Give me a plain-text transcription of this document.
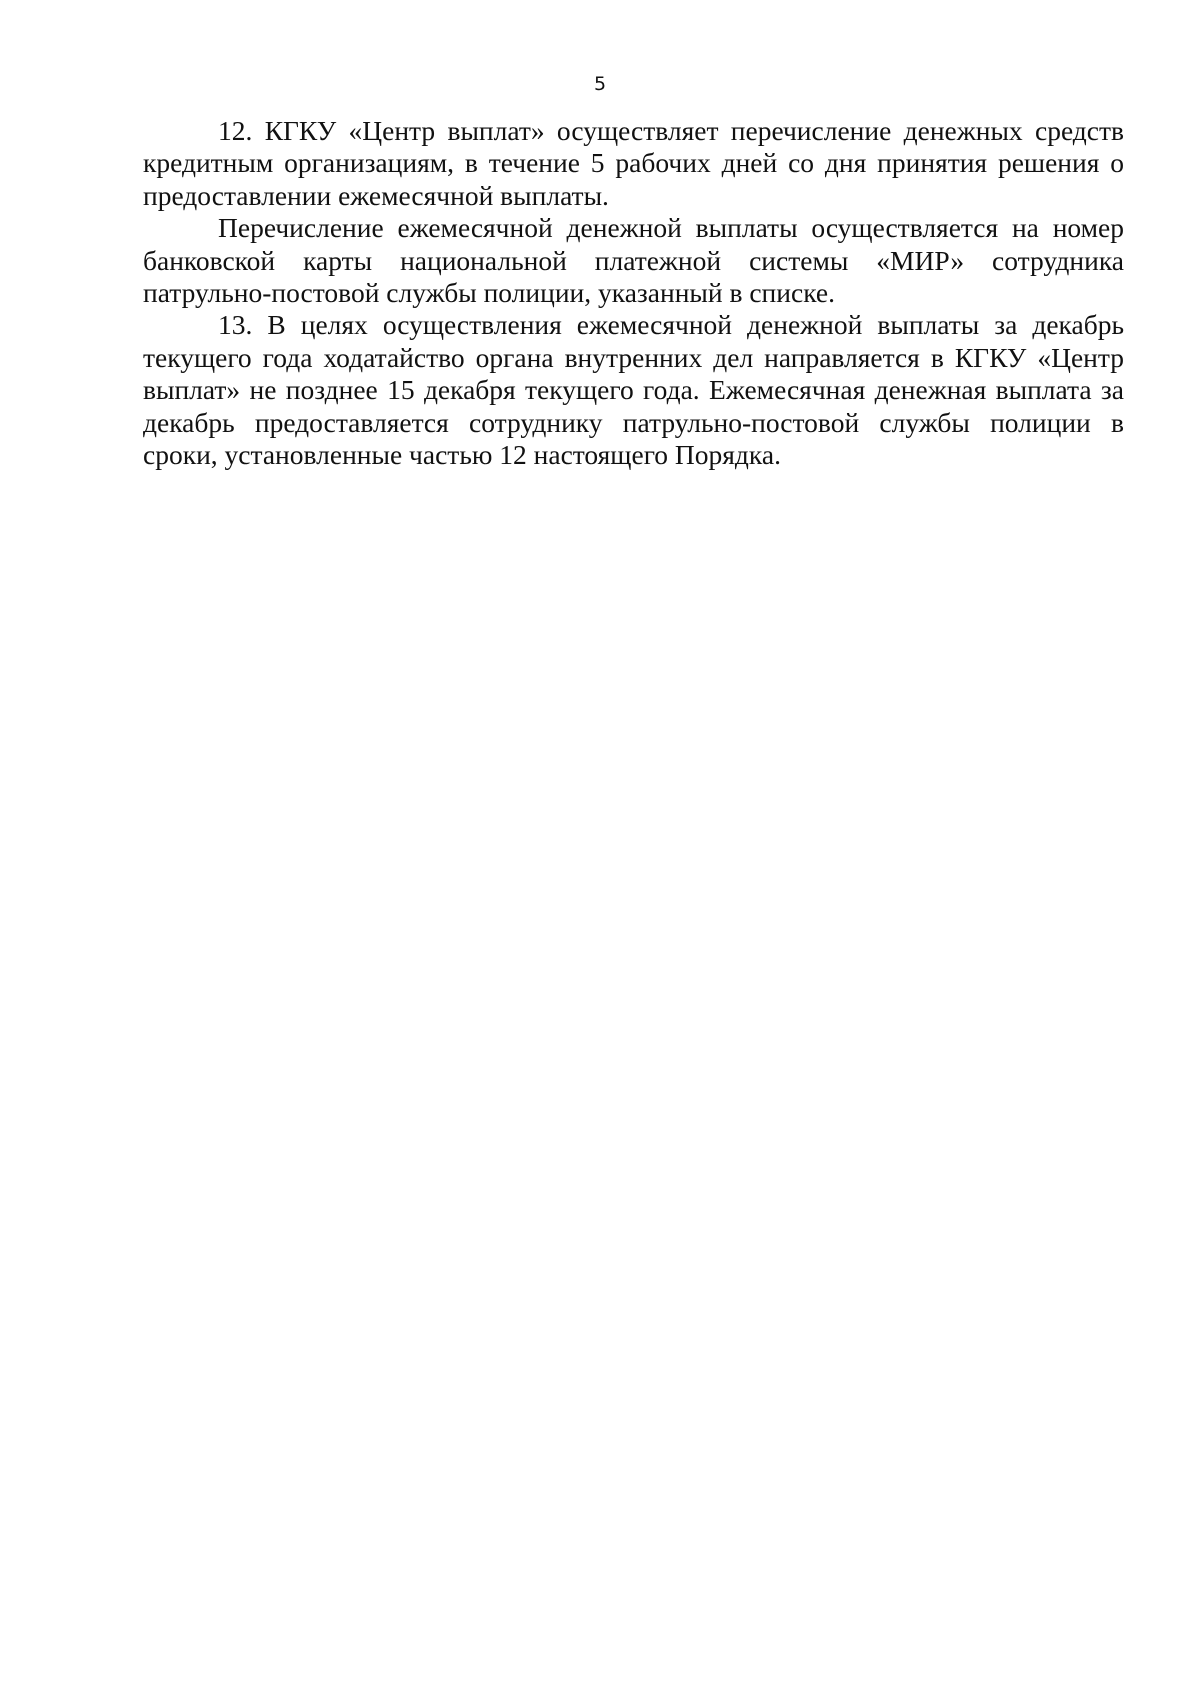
5

12. КГКУ «Центр выплат» осуществляет перечисление денежных средств кредитным организациям, в течение 5 рабочих дней со дня принятия решения о предоставлении ежемесячной выплаты.

Перечисление ежемесячной денежной выплаты осуществляется на номер банковской карты национальной платежной системы «МИР» сотрудника патрульно-постовой службы полиции, указанный в списке.

13. В целях осуществления ежемесячной денежной выплаты за декабрь текущего года ходатайство органа внутренних дел направляется в КГКУ «Центр выплат» не позднее 15 декабря текущего года. Ежемесячная денежная выплата за декабрь предоставляется сотруднику патрульно-постовой службы полиции в сроки, установленные частью 12 настоящего Порядка.
